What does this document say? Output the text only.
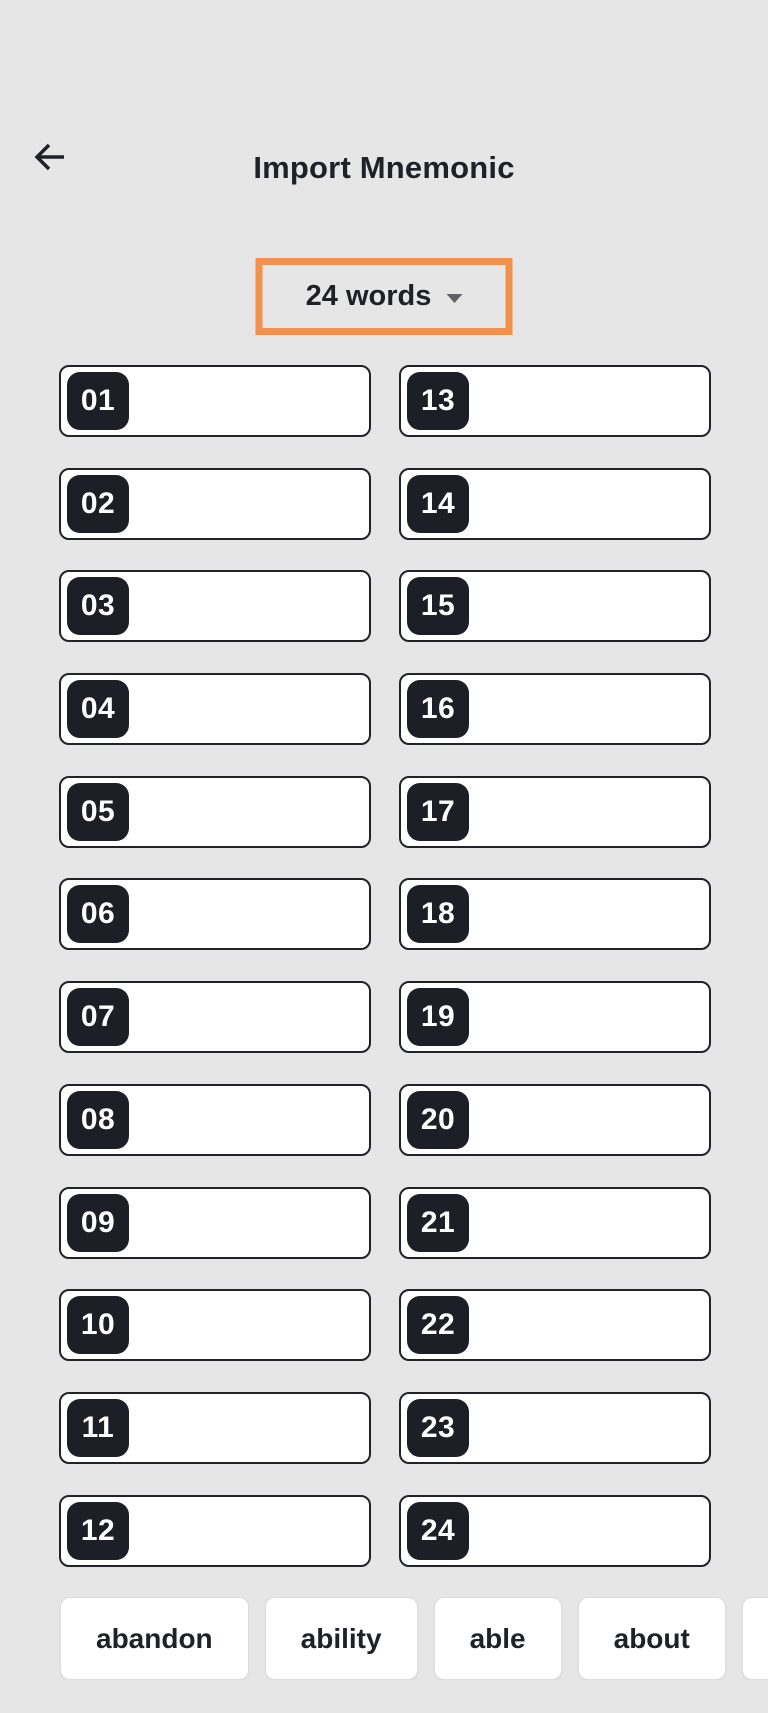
Import Mnemonic
24 words
01
02
03
04
05
06
07
08
09
10
11
12
13
14
15
16
17
18
19
20
21
22
23
24
abandon	ability	able	about
